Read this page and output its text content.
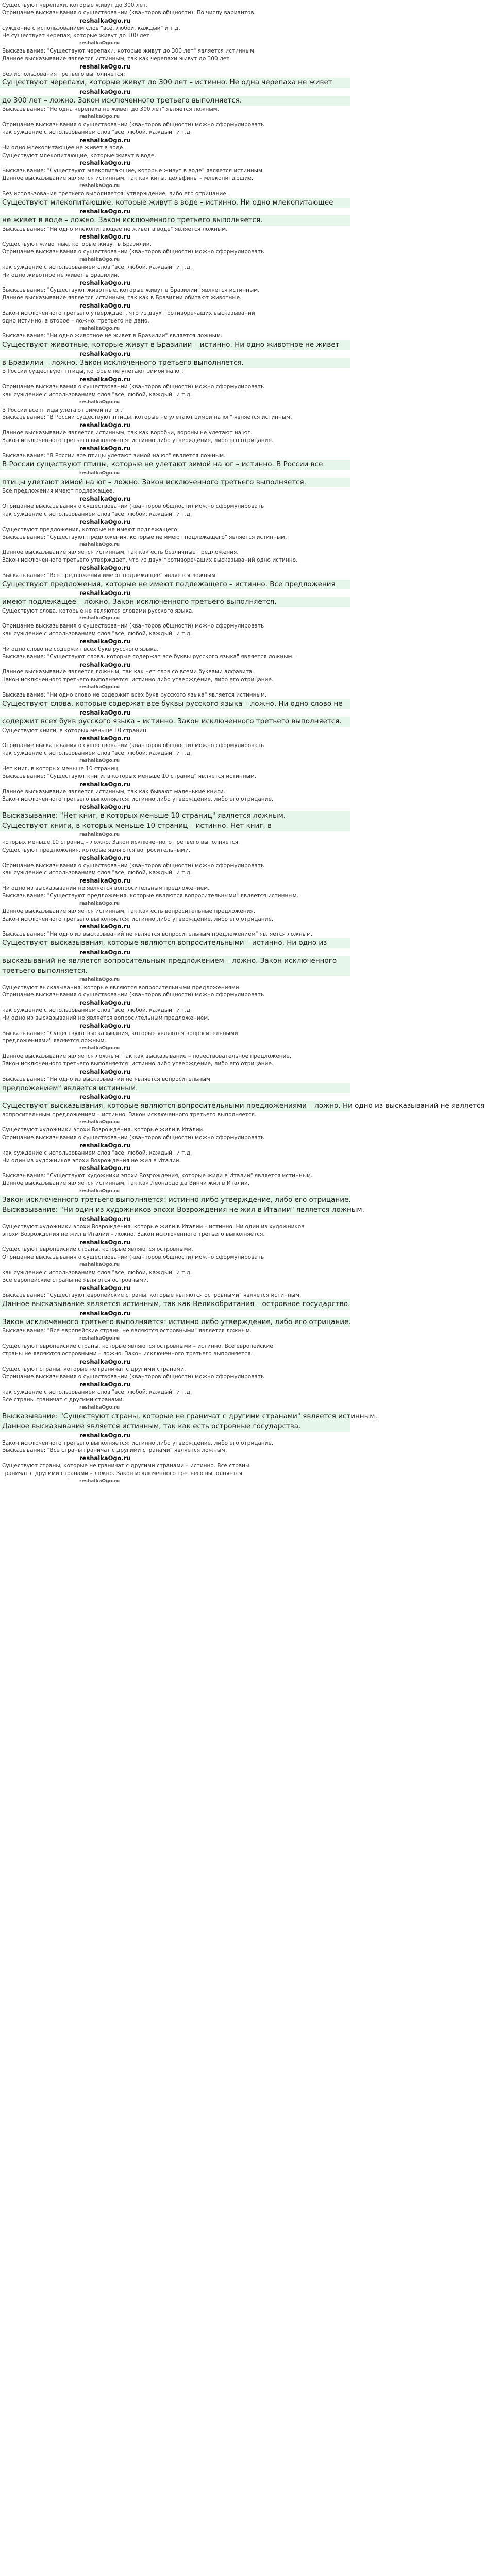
Существуют черепахи, которые живут до 300 лет.
Отрицание высказывания о существовании (кванторов общности): По числу вариантов
reshalkaOgo.ru
суждение с использованием слов "все, любой, каждый" и т.д.
Не существует черепах, которые живут до 300 лет.
reshalkaOgo.ru
Высказывание: "Существуют черепахи, которые живут до 300 лет" является истинным.
Данное высказывание является истинным, так как черепахи живут до 300 лет.
reshalkaOgo.ru
Без использования третьего выполняется:
Существуют черепахи, которые живут до 300 лет – истинно. Не одна черепаха не живет
reshalkaOgo.ru
до 300 лет – ложно. Закон исключенного третьего выполняется.
Высказывание: "Не одна черепаха не живет до 300 лет" является ложным.
reshalkaOgo.ru
Отрицание высказывания о существовании (кванторов общности) можно сформулировать
как суждение с использованием слов "все, любой, каждый" и т.д.
reshalkaOgo.ru
Ни одно млекопитающее не живет в воде.
Существуют млекопитающие, которые живут в воде.
reshalkaOgo.ru
Высказывание: "Существуют млекопитающие, которые живут в воде" является истинным.
Данное высказывание является истинным, так как киты, дельфины – млекопитающие.
reshalkaOgo.ru
Без использования третьего выполняется: утверждение, либо его отрицание.
Существуют млекопитающие, которые живут в воде – истинно. Ни одно млекопитающее
reshalkaOgo.ru
не живет в воде – ложно. Закон исключенного третьего выполняется.
Высказывание: "Ни одно млекопитающее не живет в воде" является ложным.
reshalkaOgo.ru
Существуют животные, которые живут в Бразилии.
Отрицание высказывания о существовании (кванторов общности) можно сформулировать
reshalkaOgo.ru
как суждение с использованием слов "все, любой, каждый" и т.д.
Ни одно животное не живет в Бразилии.
reshalkaOgo.ru
Высказывание: "Существуют животные, которые живут в Бразилии" является истинным.
Данное высказывание является истинным, так как в Бразилии обитают животные.
reshalkaOgo.ru
Закон исключенного третьего утверждает, что из двух противоречащих высказываний
одно истинно, а второе – ложно; третьего не дано.
reshalkaOgo.ru
Высказывание: "Ни одно животное не живет в Бразилии" является ложным.
Существуют животные, которые живут в Бразилии – истинно. Ни одно животное не живет
reshalkaOgo.ru
в Бразилии – ложно. Закон исключенного третьего выполняется.
В России существуют птицы, которые не улетают зимой на юг.
reshalkaOgo.ru
Отрицание высказывания о существовании (кванторов общности) можно сформулировать
как суждение с использованием слов "все, любой, каждый" и т.д.
reshalkaOgo.ru
В России все птицы улетают зимой на юг.
Высказывание: "В России существуют птицы, которые не улетают зимой на юг" является истинным.
reshalkaOgo.ru
Данное высказывание является истинным, так как воробьи, вороны не улетают на юг.
Закон исключенного третьего выполняется: истинно либо утверждение, либо его отрицание.
reshalkaOgo.ru
Высказывание: "В России все птицы улетают зимой на юг" является ложным.
В России существуют птицы, которые не улетают зимой на юг – истинно. В России все
reshalkaOgo.ru
птицы улетают зимой на юг – ложно. Закон исключенного третьего выполняется.
Все предложения имеют подлежащее.
reshalkaOgo.ru
Отрицание высказывания о существовании (кванторов общности) можно сформулировать
как суждение с использованием слов "все, любой, каждый" и т.д.
reshalkaOgo.ru
Существуют предложения, которые не имеют подлежащего.
Высказывание: "Существуют предложения, которые не имеют подлежащего" является истинным.
reshalkaOgo.ru
Данное высказывание является истинным, так как есть безличные предложения.
Закон исключенного третьего утверждает, что из двух противоречащих высказываний одно истинно.
reshalkaOgo.ru
Высказывание: "Все предложения имеют подлежащее" является ложным.
Существуют предложения, которые не имеют подлежащего – истинно. Все предложения
reshalkaOgo.ru
имеют подлежащее – ложно. Закон исключенного третьего выполняется.
Существуют слова, которые не являются словами русского языка.
reshalkaOgo.ru
Отрицание высказывания о существовании (кванторов общности) можно сформулировать
как суждение с использованием слов "все, любой, каждый" и т.д.
reshalkaOgo.ru
Ни одно слово не содержит всех букв русского языка.
Высказывание: "Существуют слова, которые содержат все буквы русского языка" является ложным.
reshalkaOgo.ru
Данное высказывание является ложным, так как нет слов со всеми буквами алфавита.
Закон исключенного третьего выполняется: истинно либо утверждение, либо его отрицание.
reshalkaOgo.ru
Высказывание: "Ни одно слово не содержит всех букв русского языка" является истинным.
Существуют слова, которые содержат все буквы русского языка – ложно. Ни одно слово не
reshalkaOgo.ru
содержит всех букв русского языка – истинно. Закон исключенного третьего выполняется.
Существуют книги, в которых меньше 10 страниц.
reshalkaOgo.ru
Отрицание высказывания о существовании (кванторов общности) можно сформулировать
как суждение с использованием слов "все, любой, каждый" и т.д.
reshalkaOgo.ru
Нет книг, в которых меньше 10 страниц.
Высказывание: "Существуют книги, в которых меньше 10 страниц" является истинным.
reshalkaOgo.ru
Данное высказывание является истинным, так как бывают маленькие книги.
Закон исключенного третьего выполняется: истинно либо утверждение, либо его отрицание.
reshalkaOgo.ru
Высказывание: "Нет книг, в которых меньше 10 страниц" является ложным.
Существуют книги, в которых меньше 10 страниц – истинно. Нет книг, в
reshalkaOgo.ru
которых меньше 10 страниц – ложно. Закон исключенного третьего выполняется.
Существуют предложения, которые являются вопросительными.
reshalkaOgo.ru
Отрицание высказывания о существовании (кванторов общности) можно сформулировать
как суждение с использованием слов "все, любой, каждый" и т.д.
reshalkaOgo.ru
Ни одно из высказываний не является вопросительным предложением.
Высказывание: "Существуют предложения, которые являются вопросительными" является истинным.
reshalkaOgo.ru
Данное высказывание является истинным, так как есть вопросительные предложения.
Закон исключенного третьего выполняется: истинно либо утверждение, либо его отрицание.
reshalkaOgo.ru
Высказывание: "Ни одно из высказываний не является вопросительным предложением" является ложным.
Существуют высказывания, которые являются вопросительными – истинно. Ни одно из
reshalkaOgo.ru
высказываний не является вопросительным предложением – ложно. Закон исключенного
третьего выполняется.
reshalkaOgo.ru
Существуют высказывания, которые являются вопросительными предложениями.
Отрицание высказывания о существовании (кванторов общности) можно сформулировать
reshalkaOgo.ru
как суждение с использованием слов "все, любой, каждый" и т.д.
Ни одно из высказываний не является вопросительным предложением.
reshalkaOgo.ru
Высказывание: "Существуют высказывания, которые являются вопросительными
предложениями" является ложным.
reshalkaOgo.ru
Данное высказывание является ложным, так как высказывание – повествовательное предложение.
Закон исключенного третьего выполняется: истинно либо утверждение, либо его отрицание.
reshalkaOgo.ru
Высказывание: "Ни одно из высказываний не является вопросительным
предложением" является истинным.
reshalkaOgo.ru
Существуют высказывания, которые являются вопросительными предложениями – ложно. Ни одно из высказываний не является
вопросительным предложением – истинно. Закон исключенного третьего выполняется.
reshalkaOgo.ru
Существуют художники эпохи Возрождения, которые жили в Италии.
Отрицание высказывания о существовании (кванторов общности) можно сформулировать
reshalkaOgo.ru
как суждение с использованием слов "все, любой, каждый" и т.д.
Ни один из художников эпохи Возрождения не жил в Италии.
reshalkaOgo.ru
Высказывание: "Существуют художники эпохи Возрождения, которые жили в Италии" является истинным.
Данное высказывание является истинным, так как Леонардо да Винчи жил в Италии.
reshalkaOgo.ru
Закон исключенного третьего выполняется: истинно либо утверждение, либо его отрицание.
Высказывание: "Ни один из художников эпохи Возрождения не жил в Италии" является ложным.
reshalkaOgo.ru
Существуют художники эпохи Возрождения, которые жили в Италии – истинно. Ни один из художников
эпохи Возрождения не жил в Италии – ложно. Закон исключенного третьего выполняется.
reshalkaOgo.ru
Существуют европейские страны, которые являются островными.
Отрицание высказывания о существовании (кванторов общности) можно сформулировать
reshalkaOgo.ru
как суждение с использованием слов "все, любой, каждый" и т.д.
Все европейские страны не являются островными.
reshalkaOgo.ru
Высказывание: "Существуют европейские страны, которые являются островными" является истинным.
Данное высказывание является истинным, так как Великобритания – островное государство.
reshalkaOgo.ru
Закон исключенного третьего выполняется: истинно либо утверждение, либо его отрицание.
Высказывание: "Все европейские страны не являются островными" является ложным.
reshalkaOgo.ru
Существуют европейские страны, которые являются островными – истинно. Все европейские
страны не являются островными – ложно. Закон исключенного третьего выполняется.
reshalkaOgo.ru
Существуют страны, которые не граничат с другими странами.
Отрицание высказывания о существовании (кванторов общности) можно сформулировать
reshalkaOgo.ru
как суждение с использованием слов "все, любой, каждый" и т.д.
Все страны граничат с другими странами.
reshalkaOgo.ru
Высказывание: "Существуют страны, которые не граничат с другими странами" является истинным.
Данное высказывание является истинным, так как есть островные государства.
reshalkaOgo.ru
Закон исключенного третьего выполняется: истинно либо утверждение, либо его отрицание.
Высказывание: "Все страны граничат с другими странами" является ложным.
reshalkaOgo.ru
Существуют страны, которые не граничат с другими странами – истинно. Все страны
граничат с другими странами – ложно. Закон исключенного третьего выполняется.
reshalkaOgo.ru
